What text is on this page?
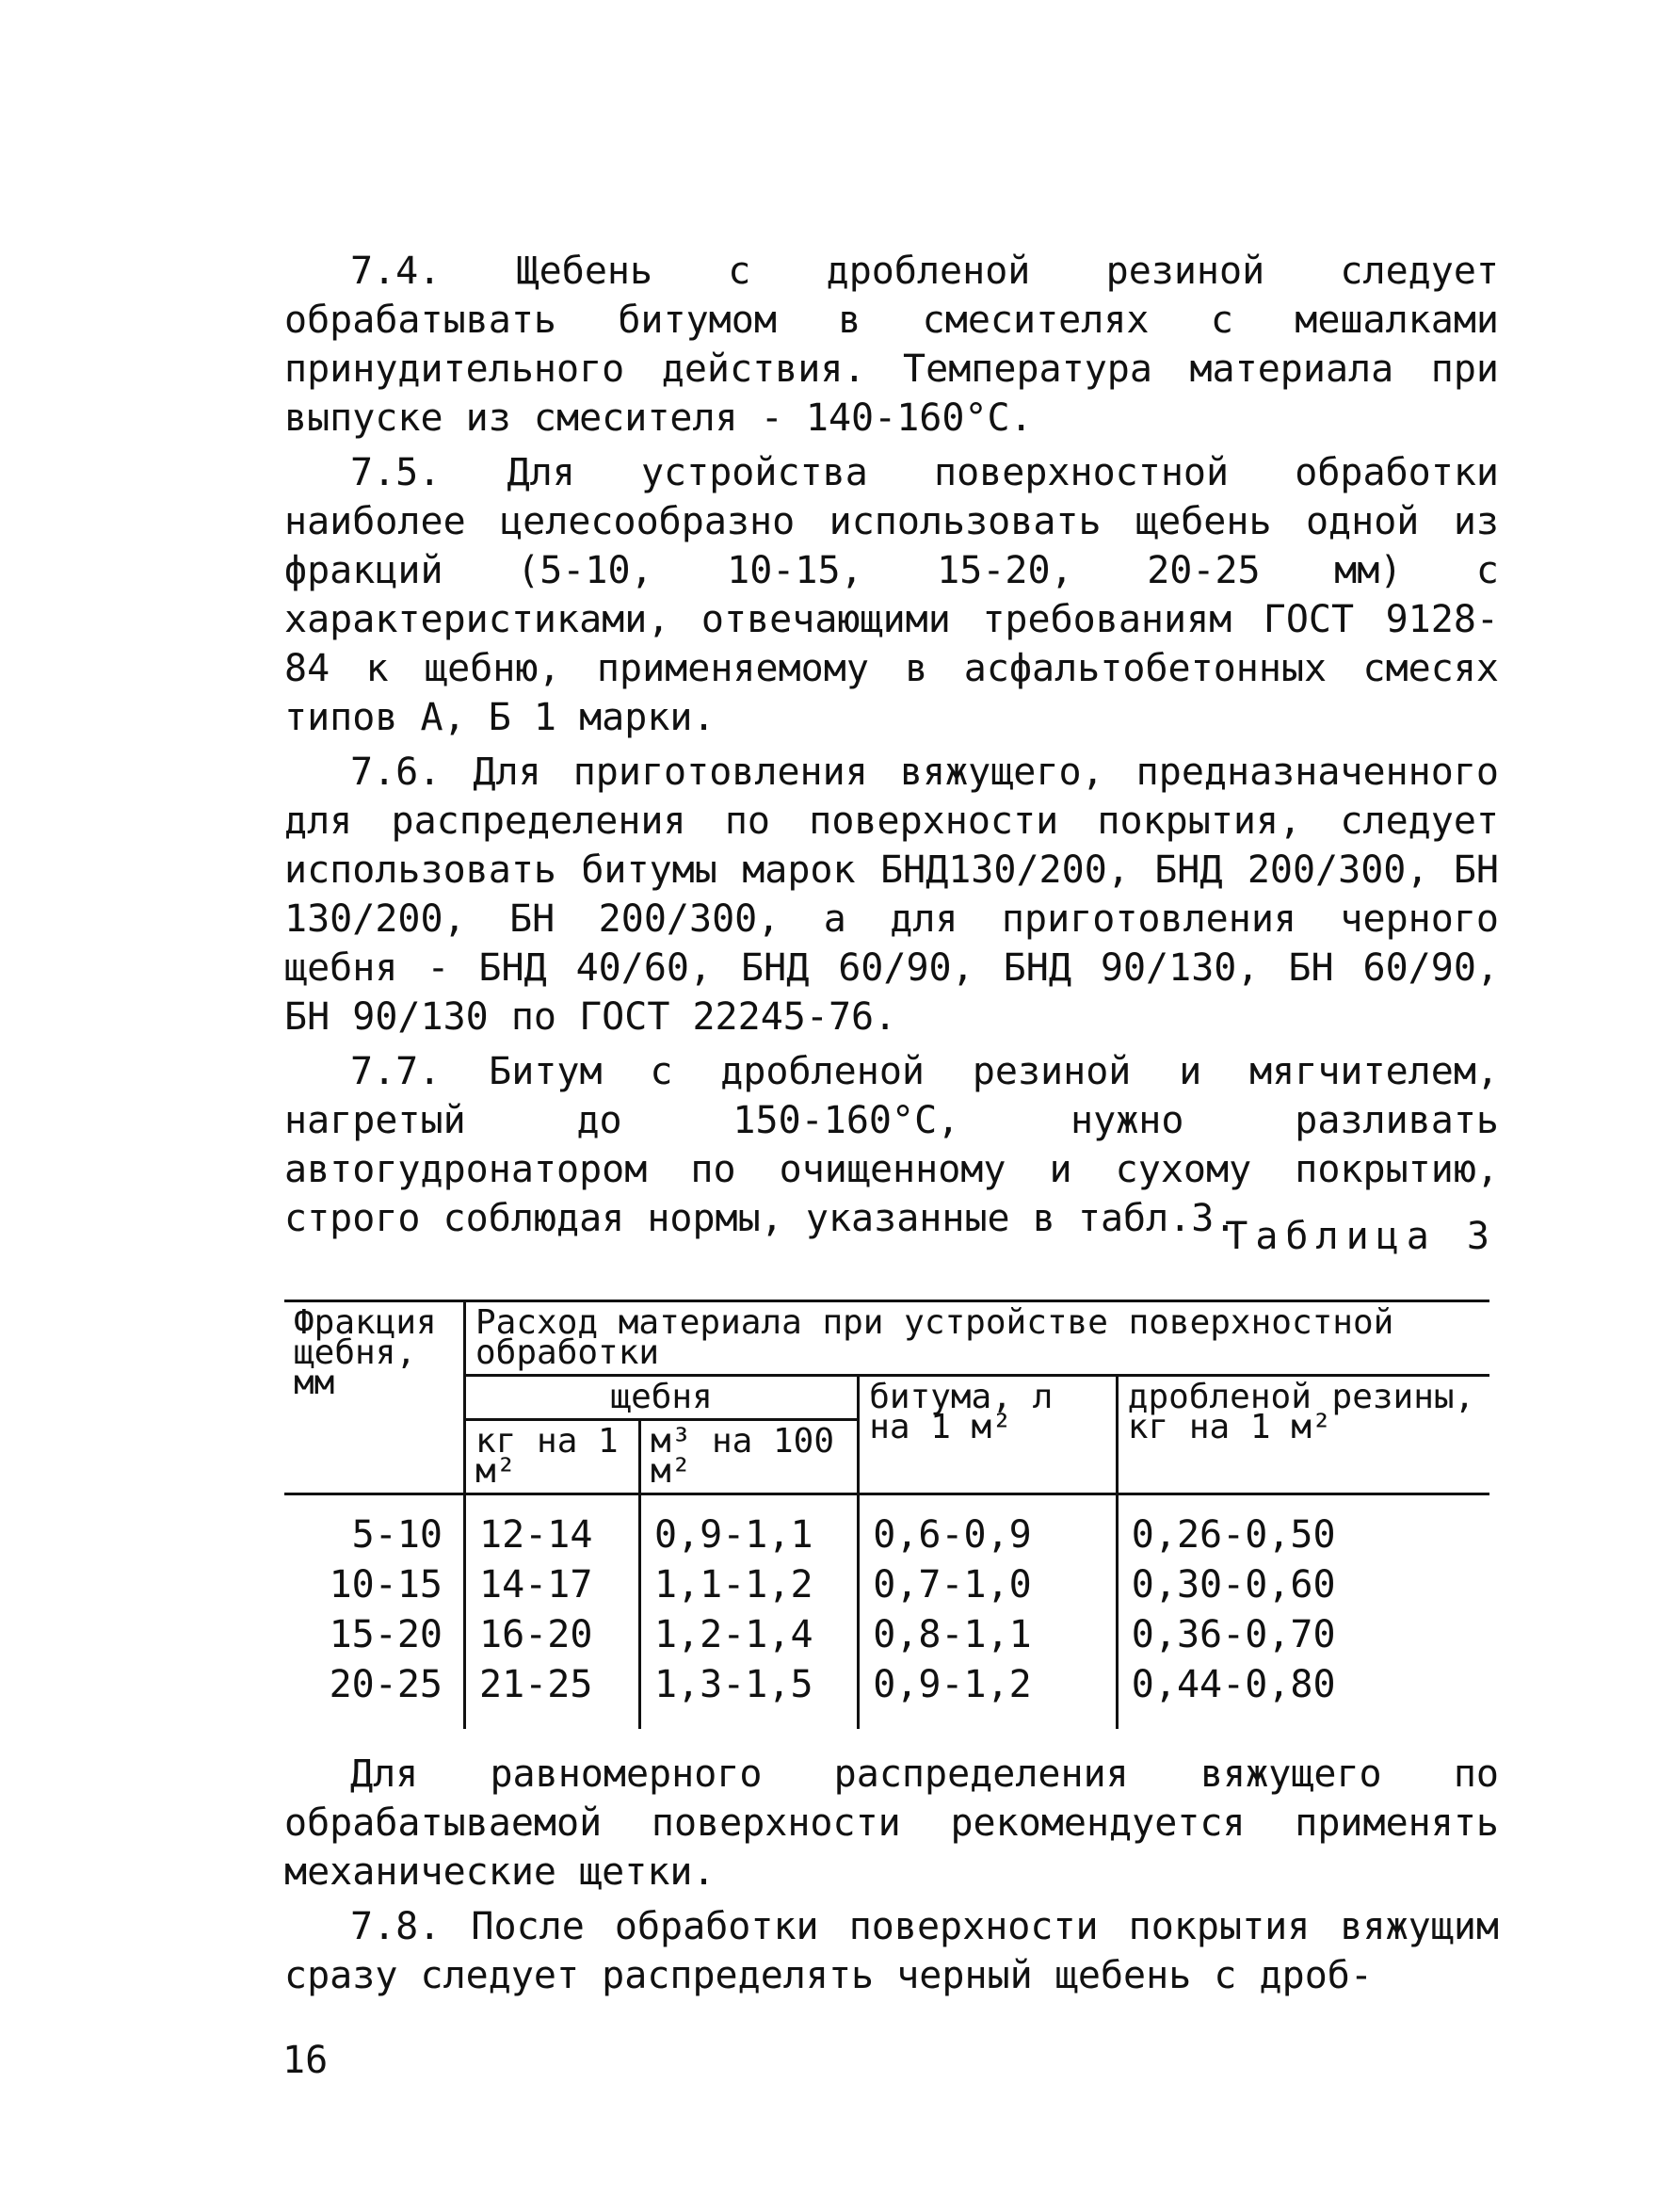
7.4. Щебень с дробленой резиной следует обрабатывать битумом в смесителях с мешалками принудительного действия. Температура материала при выпуске из смесителя - 140-160°С.

7.5. Для устройства поверхностной обработки наиболее целесообразно использовать щебень одной из фракций (5-10, 10-15, 15-20, 20-25 мм) с характеристиками, отвечающими требованиям ГОСТ 9128-84 к щебню, применяемому в асфальтобетонных смесях типов А, Б 1 марки.

7.6. Для приготовления вяжущего, предназначенного для распределения по поверхности покрытия, следует использовать битумы марок БНД130/200, БНД 200/300, БН 130/200, БН 200/300, а для приготовления черного щебня - БНД 40/60, БНД 60/90, БНД 90/130, БН 60/90, БН 90/130 по ГОСТ 22245-76.

7.7. Битум с дробленой резиной и мягчителем, нагретый до 150-160°С, нужно разливать автогудронатором по очищенному и сухому покрытию, строго соблюдая нормы, указанные в табл.3.

Таблица 3
Фракция щебня, мм	Расход материала при устройстве поверхностной обработки			
	щебня		битума, л на 1 м²	дробленой резины, кг на 1 м²
	кг на 1 м²	м³ на 100 м²		
5-10	12-14	0,9-1,1	0,6-0,9	0,26-0,50
10-15	14-17	1,1-1,2	0,7-1,0	0,30-0,60
15-20	16-20	1,2-1,4	0,8-1,1	0,36-0,70
20-25	21-25	1,3-1,5	0,9-1,2	0,44-0,80

Для равномерного распределения вяжущего по обрабатываемой поверхности рекомендуется применять механические щетки.

7.8. После обработки поверхности покрытия вяжущим сразу следует распределять черный щебень с дроб-

16
